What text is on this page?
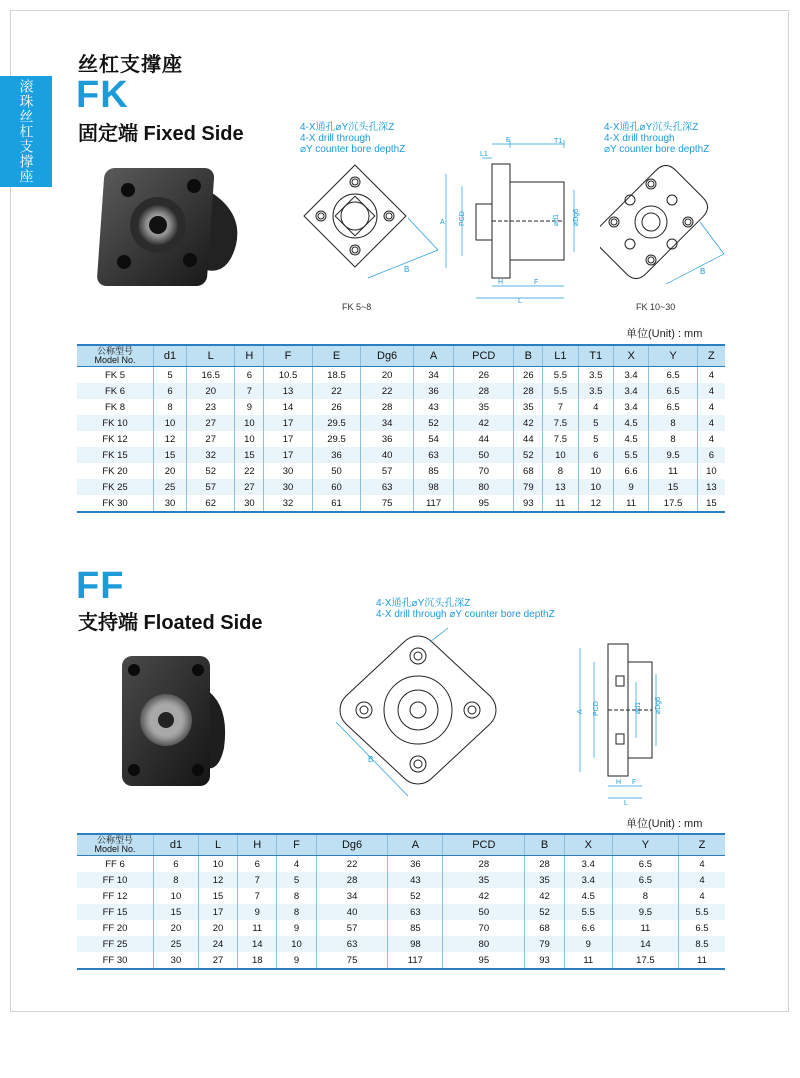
滚珠丝杠支撑座
丝杠支撑座
FK
固定端 Fixed Side
B
E	T1
L1
A PCD	⌀d1 ⌀Dg6
H	F
L
B
4-X通孔⌀Y沉头孔深Z
4-X drill through
⌀Y counter bore depthZ
4-X通孔⌀Y沉头孔深Z
4-X drill through
⌀Y counter bore depthZ
FK 5~8	FK 10~30
单位(Unit) : mm
公称型号
Model No.	d1	L	H	F	E	Dg6	A	PCD	B	L1	T1	X	Y	Z
FK 5	5	16.5	6	10.5	18.5	20	34	26	26	5.5	3.5	3.4	6.5	4
FK 6	6	20	7	13	22	22	36	28	28	5.5	3.5	3.4	6.5	4
FK 8	8	23	9	14	26	28	43	35	35	7	4	3.4	6.5	4
FK 10	10	27	10	17	29.5	34	52	42	42	7.5	5	4.5	8	4
FK 12	12	27	10	17	29.5	36	54	44	44	7.5	5	4.5	8	4
FK 15	15	32	15	17	36	40	63	50	52	10	6	5.5	9.5	6
FK 20	20	52	22	30	50	57	85	70	68	8	10	6.6	11	10
FK 25	25	57	27	30	60	63	98	80	79	13	10	9	15	13
FK 30	30	62	30	32	61	75	117	95	93	11	12	11	17.5	15
FF
支持端 Floated Side
4-X通孔⌀Y沉头孔深Z
4-X drill through ⌀Y counter bore depthZ
B
A PCD	⌀d1 ⌀Dg6
H F
L
单位(Unit) : mm
公称型号
Model No.	d1	L	H	F	Dg6	A	PCD	B	X	Y	Z
FF 6	6	10	6	4	22	36	28	28	3.4	6.5	4
FF 10	8	12	7	5	28	43	35	35	3.4	6.5	4
FF 12	10	15	7	8	34	52	42	42	4.5	8	4
FF 15	15	17	9	8	40	63	50	52	5.5	9.5	5.5
FF 20	20	20	11	9	57	85	70	68	6.6	11	6.5
FF 25	25	24	14	10	63	98	80	79	9	14	8.5
FF 30	30	27	18	9	75	117	95	93	11	17.5	11
